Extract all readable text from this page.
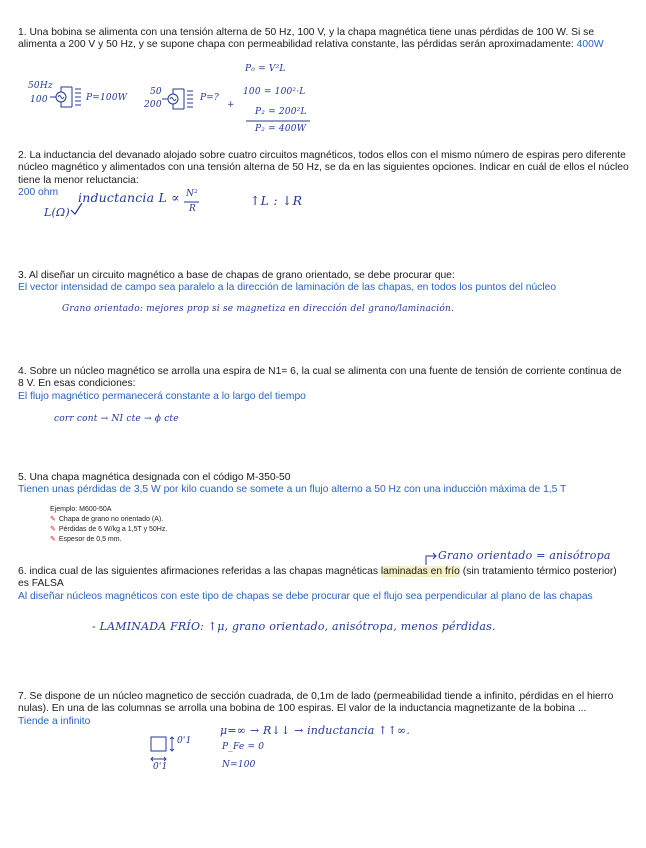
1. Una bobina se alimenta con una tensión alterna de 50 Hz, 100 V, y la chapa magnética tiene unas pérdidas de 100 W. Si se alimenta a 200 V y 50 Hz, y se supone chapa con permeabilidad relativa constante, las pérdidas serán aproximadamente: 400W
50Hz
100	P=100W
50
200
P=?
P₀ = V²L
+
100 = 100²·L
P₂ = 200²L
P₂ = 400W
2. La inductancia del devanado alojado sobre cuatro circuitos magnéticos, todos ellos con el mismo número de espiras pero diferente núcleo magnético y alimentados con una tensión alterna de 50 Hz, se da en las siguientes opciones. Indicar en cuál de ellos el núcleo tiene la menor reluctancia:
200 ohm	inductancia L ∝ N²
R
↑L : ↓R
L(Ω)
3. Al diseñar un circuito magnético a base de chapas de grano orientado, se debe procurar que:
El vector intensidad de campo sea paralelo a la dirección de laminación de las chapas, en todos los puntos del núcleo
Grano orientado: mejores prop si se magnetiza en dirección del grano/laminación.
4. Sobre un núcleo magnético se arrolla una espira de N1= 6, la cual se alimenta con una fuente de tensión de corriente continua de 8 V. En esas condiciones:
El flujo magnético permanecerá constante a lo largo del tiempo
corr cont → NI cte → ϕ cte
5. Una chapa magnética designada con el código M-350-50
Tienen unas pérdidas de 3,5 W por kilo cuando se somete a un flujo alterno a 50 Hz con una inducción máxima de 1,5 T
Ejemplo: M600-50A
✎ Chapa de grano no orientado (A).
✎ Pérdidas de 6 W/kg a 1,5T y 50Hz.
✎ Espesor de 0,5 mm.
Grano orientado = anisótropa
6. indica cual de las siguientes afirmaciones referidas a las chapas magnéticas laminadas en frío (sin tratamiento térmico posterior) es FALSA
Al diseñar núcleos magnéticos con este tipo de chapas se debe procurar que el flujo sea perpendicular al plano de las chapas
- LAMINADA FRÍO: ↑μ, grano orientado, anisótropa, menos pérdidas.
7. Se dispone de un núcleo magnetico de sección cuadrada, de 0,1m de lado (permeabilidad tiende a infinito, pérdidas en el hierro nulas). En una de las columnas se arrolla una bobina de 100 espiras. El valor de la inductancia magnetizante de la bobina ...
Tiende a infinito
0'1
0'1
μ=∞ → R↓↓ → inductancia ↑↑∞.
P_Fe = 0
N=100
